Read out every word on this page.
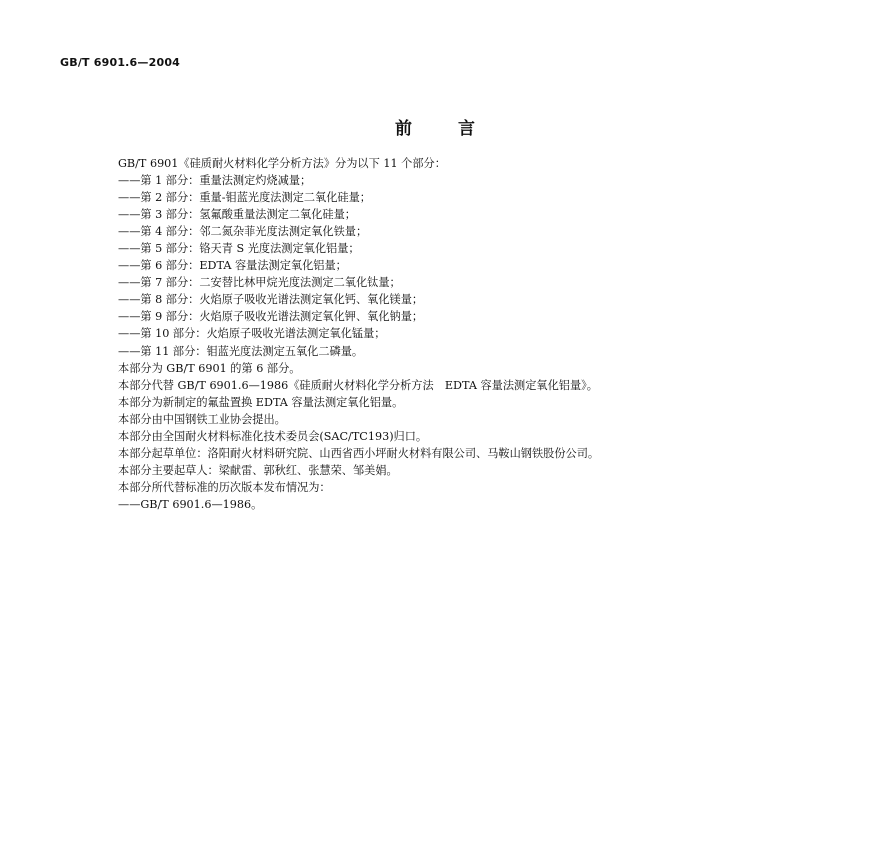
GB/T 6901.6—2004
前言
GB/T 6901《硅质耐火材料化学分析方法》分为以下 11 个部分：
——第 1 部分：重量法测定灼烧减量；
——第 2 部分：重量-钼蓝光度法测定二氧化硅量；
——第 3 部分：氢氟酸重量法测定二氧化硅量；
——第 4 部分：邻二氮杂菲光度法测定氧化铁量；
——第 5 部分：铬天青 S 光度法测定氧化铝量；
——第 6 部分：EDTA 容量法测定氧化铝量；
——第 7 部分：二安替比林甲烷光度法测定二氧化钛量；
——第 8 部分：火焰原子吸收光谱法测定氧化钙、氧化镁量；
——第 9 部分：火焰原子吸收光谱法测定氧化钾、氧化钠量；
——第 10 部分：火焰原子吸收光谱法测定氧化锰量；
——第 11 部分：钼蓝光度法测定五氧化二磷量。
本部分为 GB/T 6901 的第 6 部分。
本部分代替 GB/T 6901.6—1986《硅质耐火材料化学分析方法　EDTA 容量法测定氧化铝量》。
本部分为新制定的氟盐置换 EDTA 容量法测定氧化铝量。
本部分由中国钢铁工业协会提出。
本部分由全国耐火材料标准化技术委员会(SAC/TC193)归口。
本部分起草单位：洛阳耐火材料研究院、山西省西小坪耐火材料有限公司、马鞍山钢铁股份公司。
本部分主要起草人：梁献雷、郭秋红、张慧荣、邹美娟。
本部分所代替标准的历次版本发布情况为：
——GB/T 6901.6—1986。
